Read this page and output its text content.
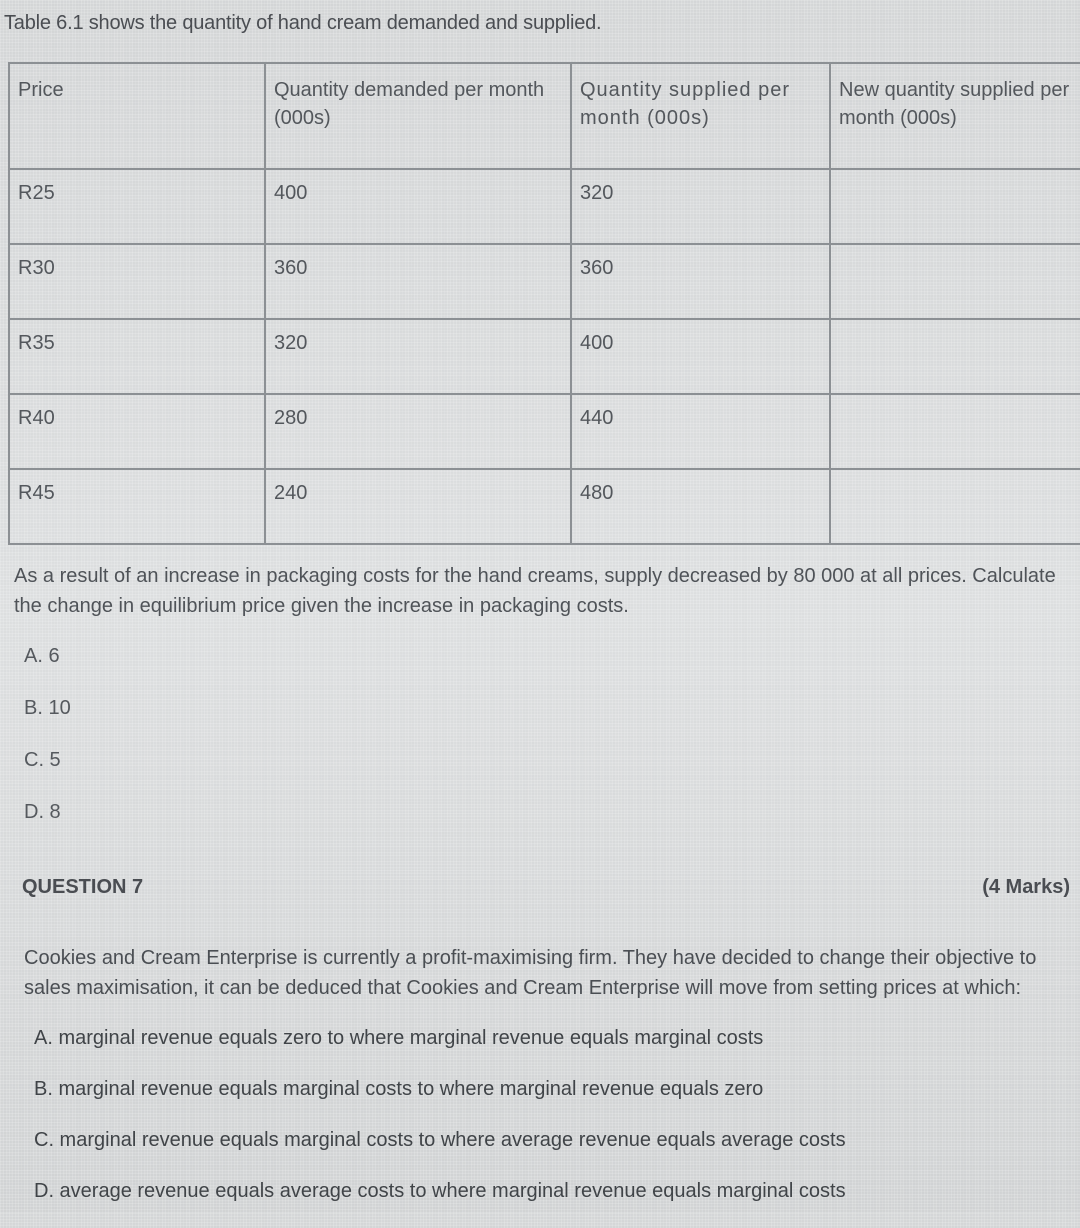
Table 6.1 shows the quantity of hand cream demanded and supplied.
Price	Quantity demanded per month (000s)	Quantity supplied per month (000s)	New quantity supplied per month (000s)
R25	400	320	
R30	360	360	
R35	320	400	
R40	280	440	
R45	240	480	
As a result of an increase in packaging costs for the hand creams, supply decreased by 80 000 at all prices. Calculate the change in equilibrium price given the increase in packaging costs.
A. 6
B. 10
C. 5
D. 8
QUESTION 7	(4 Marks)
Cookies and Cream Enterprise is currently a profit-maximising firm. They have decided to change their objective to sales maximisation, it can be deduced that Cookies and Cream Enterprise will move from setting prices at which:
A. marginal revenue equals zero to where marginal revenue equals marginal costs
B. marginal revenue equals marginal costs to where marginal revenue equals zero
C. marginal revenue equals marginal costs to where average revenue equals average costs
D. average revenue equals average costs to where marginal revenue equals marginal costs
